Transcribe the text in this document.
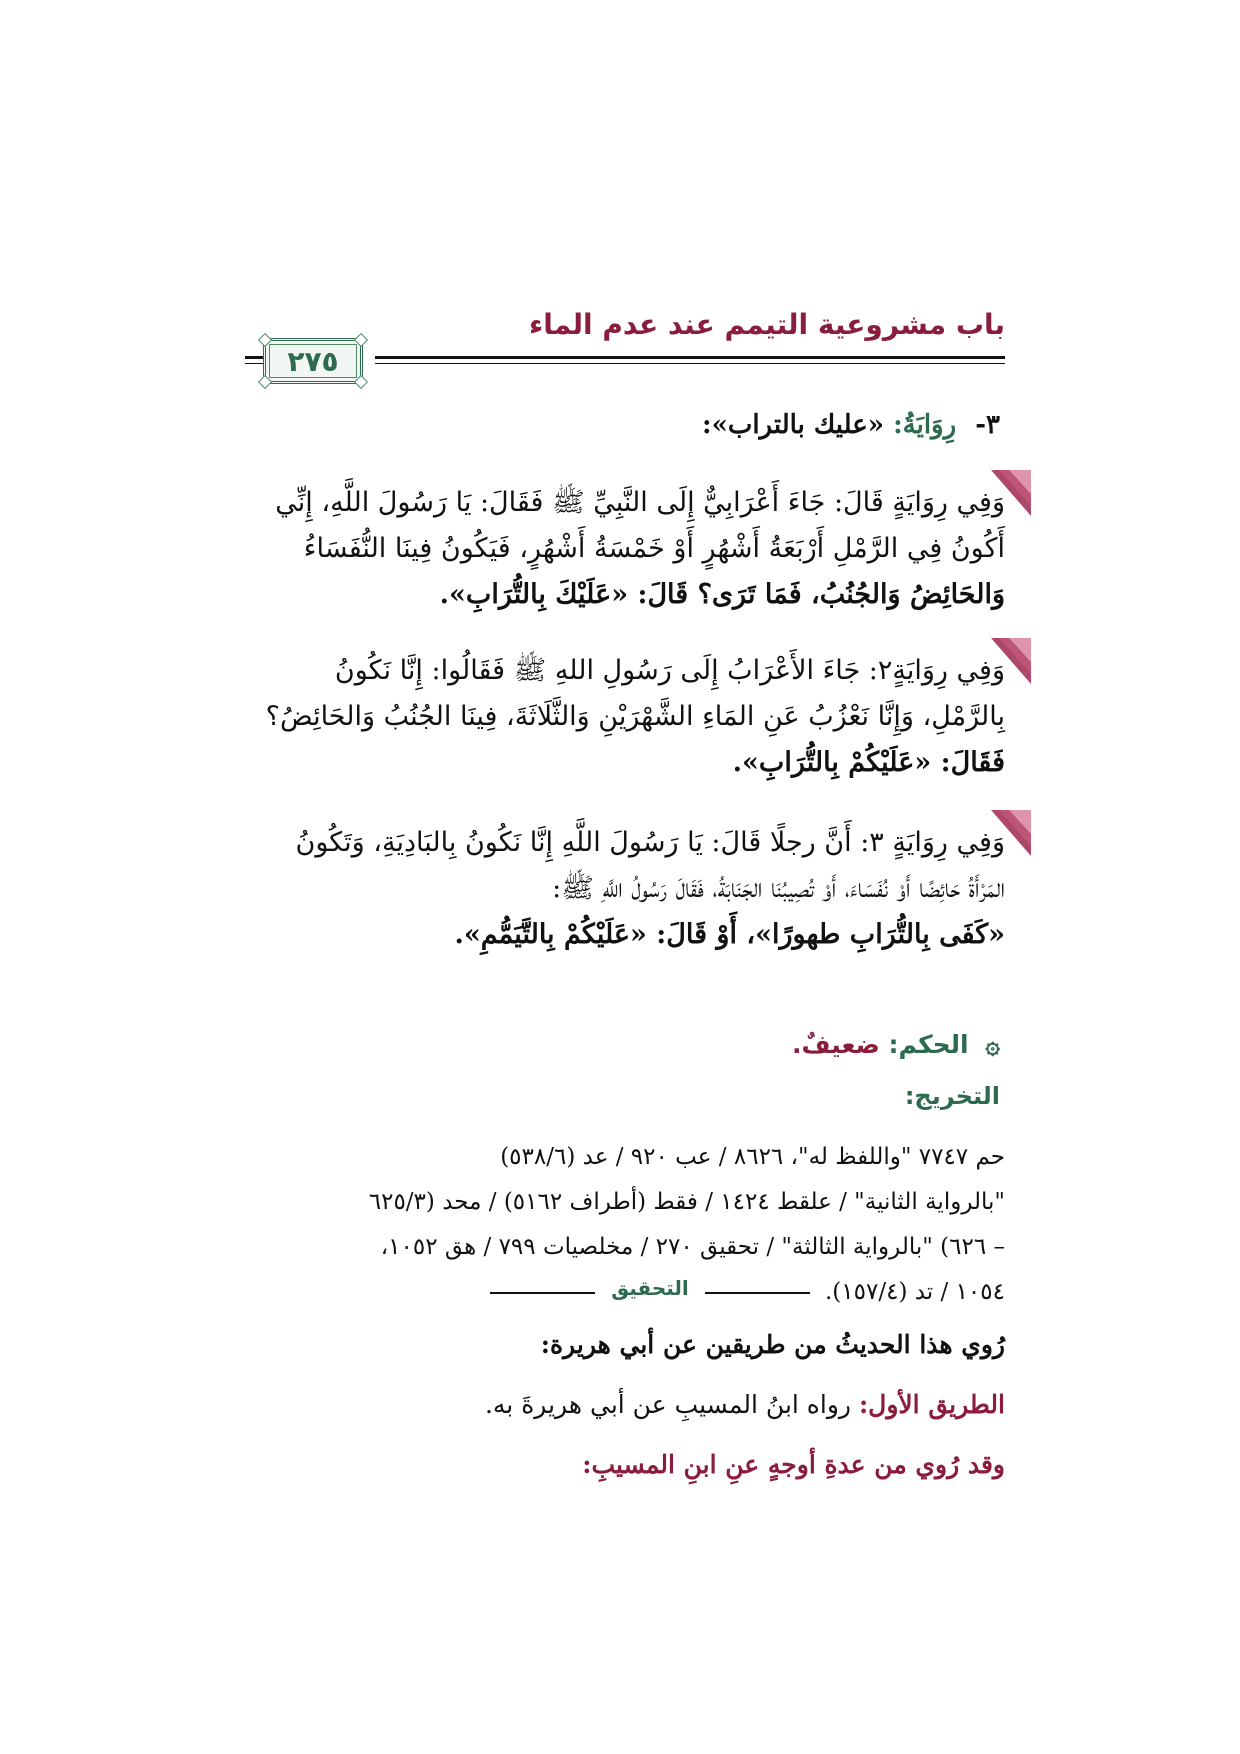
باب مشروعية التيمم عند عدم الماء
٢٧٥
٣- رِوَايَةُ: «عليك بالتراب»:

وَفِي رِوَايَةٍ قَالَ: جَاءَ أَعْرَابِيٌّ إِلَى النَّبِيِّ ﷺ فَقَالَ: يَا رَسُولَ اللَّهِ، إِنِّي

أَكُونُ فِي الرَّمْلِ أَرْبَعَةُ أَشْهُرٍ أَوْ خَمْسَةُ أَشْهُرٍ، فَيَكُونُ فِينَا النُّفَسَاءُ

وَالحَائِضُ وَالجُنُبُ، فَمَا تَرَى؟ قَالَ: «عَلَيْكَ بِالتُّرَابِ».

وَفِي رِوَايَةٍ٢: جَاءَ الأَعْرَابُ إِلَى رَسُولِ اللهِ ﷺ فَقَالُوا: إِنَّا نَكُونُ

بِالرَّمْلِ، وَإِنَّا نَعْزُبُ عَنِ المَاءِ الشَّهْرَيْنِ وَالثَّلَاثَةَ، فِينَا الجُنُبُ وَالحَائِضُ؟

فَقَالَ: «عَلَيْكُمْ بِالتُّرَابِ».

وَفِي رِوَايَةٍ ٣: أَنَّ رجلًا قَالَ: يَا رَسُولَ اللَّهِ إِنَّا نَكُونُ بِالبَادِيَةِ، وَتَكُونُ

المَرْأَةُ حَائِضًا أَوْ نُفَسَاءَ، أَوْ تُصِيبُنَا الجَنَابَةُ، فَقَالَ رَسُولُ اللَّهِ ﷺ:

«كَفَى بِالتُّرَابِ طهورًا»، أَوْ قَالَ: «عَلَيْكُمْ بِالتَّيَمُّمِ».

۞ الحكم: ضعيفٌ.
التخريج:

حم ٧٧٤٧ "واللفظ له"، ٨٦٢٦ / عب ٩٢٠ / عد (٥٣٨/٦)

"بالرواية الثانية" / علقط ١٤٢٤ / فقط (أطراف ٥١٦٢) / محد (٦٢٥/٣

– ٦٢٦) "بالرواية الثالثة" / تحقيق ٢٧٠ / مخلصيات ٧٩٩ / هق ١٠٥٢،

١٠٥٤ / تد (١٥٧/٤).

التحقيق
رُوي هذا الحديثُ من طريقين عن أبي هريرة:
الطريق الأول: رواه ابنُ المسيبِ عن أبي هريرةَ به.
وقد رُوي من عدةِ أوجهٍ عنِ ابنِ المسيبِ:
